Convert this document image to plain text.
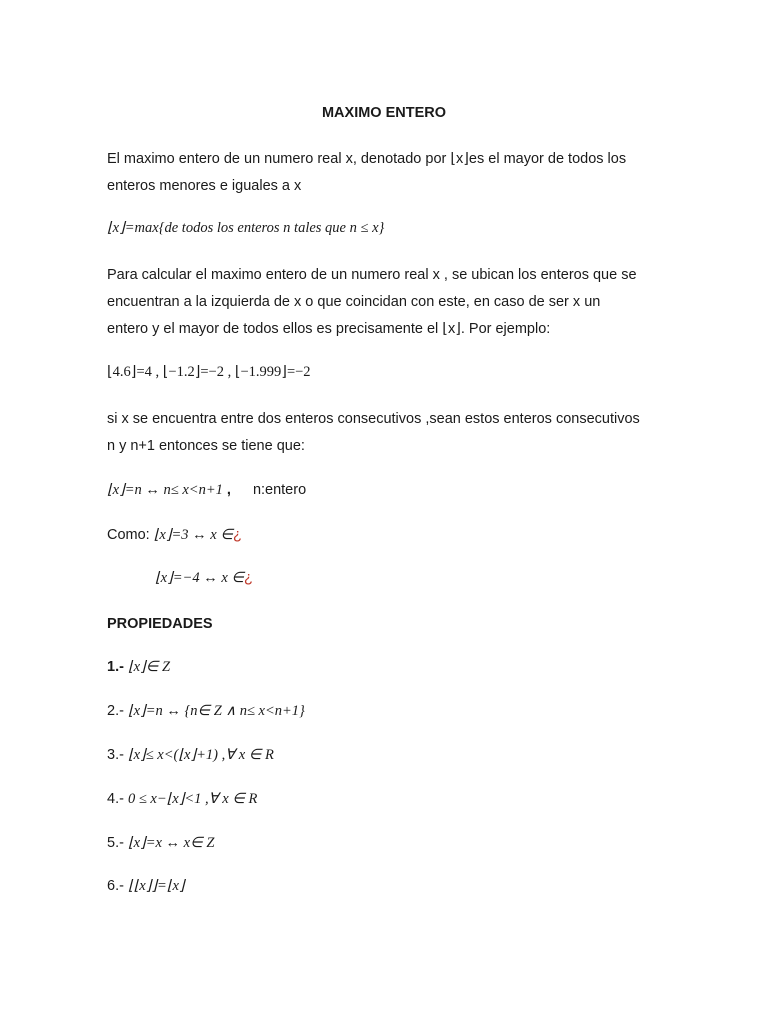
MAXIMO ENTERO

El maximo entero de un numero real x, denotado por ⌊x⌋es el mayor de todos los

enteros menores e iguales a x

⌊x⌋=max{de todos los enteros n tales que n ≤ x}

Para calcular el maximo entero de un numero real x , se ubican los enteros que se

encuentran a la izquierda de x o que coincidan con este, en caso de ser x un

entero y el mayor de todos ellos es precisamente el ⌊x⌋. Por ejemplo:

⌊4.6⌋=4 , ⌊−1.2⌋=−2 , ⌊−1.999⌋=−2

si x se encuentra entre dos enteros consecutivos ,sean estos enteros consecutivos

n y n+1 entonces se tiene que:

⌊x⌋=n ↔ n≤ x<n+1 , n:entero
Como: ⌊x⌋=3 ↔ x ∈¿
⌊x⌋=−4 ↔ x ∈¿
PROPIEDADES
1.- ⌊x⌋∈ Z
2.- ⌊x⌋=n ↔ {n∈ Z ∧ n≤ x<n+1}
3.- ⌊x⌋≤ x<(⌊x⌋+1) ,∀ x ∈ R
4.- 0 ≤ x−⌊x⌋<1 ,∀ x ∈ R
5.- ⌊x⌋=x ↔ x∈ Z
6.- ⌊⌊x⌋⌋=⌊x⌋
